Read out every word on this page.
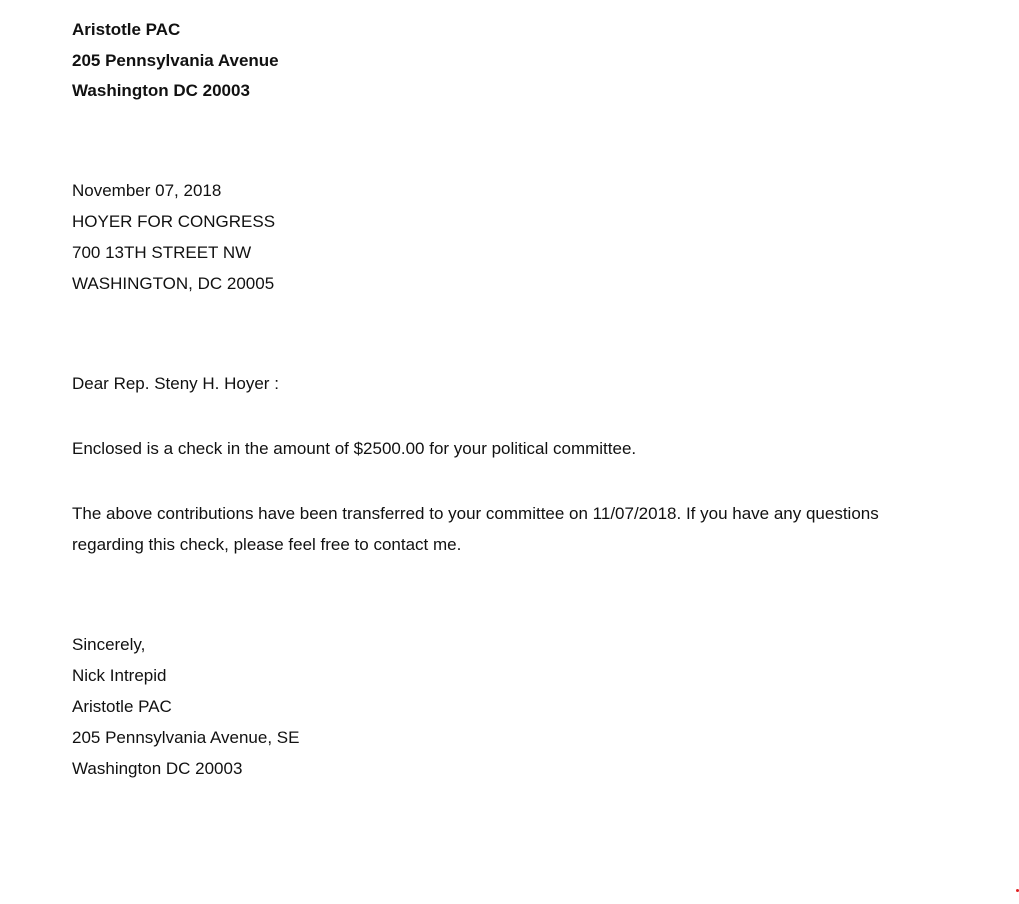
Aristotle PAC
205 Pennsylvania Avenue
Washington DC 20003
November 07, 2018
HOYER FOR CONGRESS
700 13TH STREET NW
WASHINGTON, DC 20005
Dear Rep. Steny H. Hoyer :
Enclosed is a check in the amount of $2500.00 for your political committee.
The above contributions have been transferred to your committee on 11/07/2018. If you have any questions regarding this check, please feel free to contact me.
Sincerely,
Nick Intrepid
Aristotle PAC
205 Pennsylvania Avenue, SE
Washington DC 20003
